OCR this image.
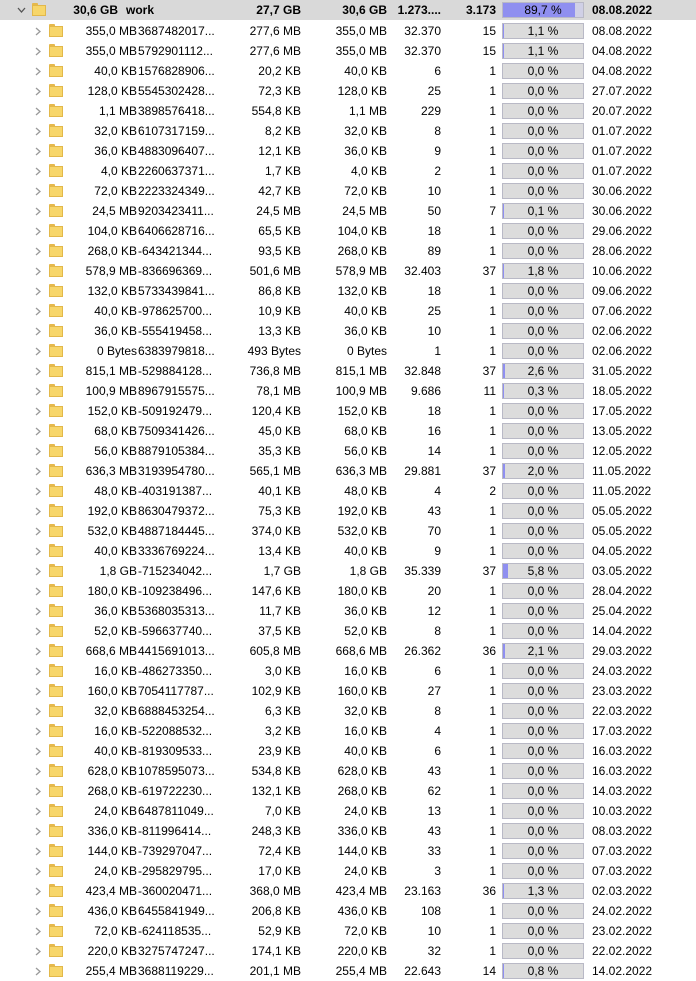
30,6 GB work	27,7 GB	30,6 GB 1.273....	3.173	89,7 %	08.08.2022
355,0 MB 3687482017...	277,6 MB	355,0 MB	32.370	15	1,1 %	08.08.2022
355,0 MB 5792901112...	277,6 MB	355,0 MB	32.370	15	1,1 %	04.08.2022
40,0 KB 1576828906...	20,2 KB	40,0 KB	6	1	0,0 %	04.08.2022
128,0 KB 5545302428...	72,3 KB	128,0 KB	25	1	0,0 %	27.07.2022
1,1 MB 3898576418...	554,8 KB	1,1 MB	229	1	0,0 %	20.07.2022
32,0 KB 6107317159...	8,2 KB	32,0 KB	8	1	0,0 %	01.07.2022
36,0 KB 4883096407...	12,1 KB	36,0 KB	9	1	0,0 %	01.07.2022
4,0 KB 2260637371...	1,7 KB	4,0 KB	2	1	0,0 %	01.07.2022
72,0 KB 2223324349...	42,7 KB	72,0 KB	10	1	0,0 %	30.06.2022
24,5 MB 9203423411...	24,5 MB	24,5 MB	50	7	0,1 %	30.06.2022
104,0 KB 6406628716...	65,5 KB	104,0 KB	18	1	0,0 %	29.06.2022
268,0 KB -643421344...	93,5 KB	268,0 KB	89	1	0,0 %	28.06.2022
578,9 MB -836696369...	501,6 MB	578,9 MB	32.403	37	1,8 %	10.06.2022
132,0 KB 5733439841...	86,8 KB	132,0 KB	18	1	0,0 %	09.06.2022
40,0 KB -978625700...	10,9 KB	40,0 KB	25	1	0,0 %	07.06.2022
36,0 KB -555419458...	13,3 KB	36,0 KB	10	1	0,0 %	02.06.2022
0 Bytes 6383979818...	493 Bytes	0 Bytes	1	1	0,0 %	02.06.2022
815,1 MB -529884128...	736,8 MB	815,1 MB	32.848	37	2,6 %	31.05.2022
100,9 MB 8967915575...	78,1 MB	100,9 MB	9.686	11	0,3 %	18.05.2022
152,0 KB -509192479...	120,4 KB	152,0 KB	18	1	0,0 %	17.05.2022
68,0 KB 7509341426...	45,0 KB	68,0 KB	16	1	0,0 %	13.05.2022
56,0 KB 8879105384...	35,3 KB	56,0 KB	14	1	0,0 %	12.05.2022
636,3 MB 3193954780...	565,1 MB	636,3 MB	29.881	37	2,0 %	11.05.2022
48,0 KB -403191387...	40,1 KB	48,0 KB	4	2	0,0 %	11.05.2022
192,0 KB 8630479372...	75,3 KB	192,0 KB	43	1	0,0 %	05.05.2022
532,0 KB 4887184445...	374,0 KB	532,0 KB	70	1	0,0 %	05.05.2022
40,0 KB 3336769224...	13,4 KB	40,0 KB	9	1	0,0 %	04.05.2022
1,8 GB -715234042...	1,7 GB	1,8 GB	35.339	37	5,8 %	03.05.2022
180,0 KB -109238496...	147,6 KB	180,0 KB	20	1	0,0 %	28.04.2022
36,0 KB 5368035313...	11,7 KB	36,0 KB	12	1	0,0 %	25.04.2022
52,0 KB -596637740...	37,5 KB	52,0 KB	8	1	0,0 %	14.04.2022
668,6 MB 4415691013...	605,8 MB	668,6 MB	26.362	36	2,1 %	29.03.2022
16,0 KB -486273350...	3,0 KB	16,0 KB	6	1	0,0 %	24.03.2022
160,0 KB 7054117787...	102,9 KB	160,0 KB	27	1	0,0 %	23.03.2022
32,0 KB 6888453254...	6,3 KB	32,0 KB	8	1	0,0 %	22.03.2022
16,0 KB -522088532...	3,2 KB	16,0 KB	4	1	0,0 %	17.03.2022
40,0 KB -819309533...	23,9 KB	40,0 KB	6	1	0,0 %	16.03.2022
628,0 KB 1078595073...	534,8 KB	628,0 KB	43	1	0,0 %	16.03.2022
268,0 KB -619722230...	132,1 KB	268,0 KB	62	1	0,0 %	14.03.2022
24,0 KB 6487811049...	7,0 KB	24,0 KB	13	1	0,0 %	10.03.2022
336,0 KB -811996414...	248,3 KB	336,0 KB	43	1	0,0 %	08.03.2022
144,0 KB -739297047...	72,4 KB	144,0 KB	33	1	0,0 %	07.03.2022
24,0 KB -295829795...	17,0 KB	24,0 KB	3	1	0,0 %	07.03.2022
423,4 MB -360020471...	368,0 MB	423,4 MB	23.163	36	1,3 %	02.03.2022
436,0 KB 6455841949...	206,8 KB	436,0 KB	108	1	0,0 %	24.02.2022
72,0 KB -624118535...	52,9 KB	72,0 KB	10	1	0,0 %	23.02.2022
220,0 KB 3275747247...	174,1 KB	220,0 KB	32	1	0,0 %	22.02.2022
255,4 MB 3688119229...	201,1 MB	255,4 MB	22.643	14	0,8 %	14.02.2022
